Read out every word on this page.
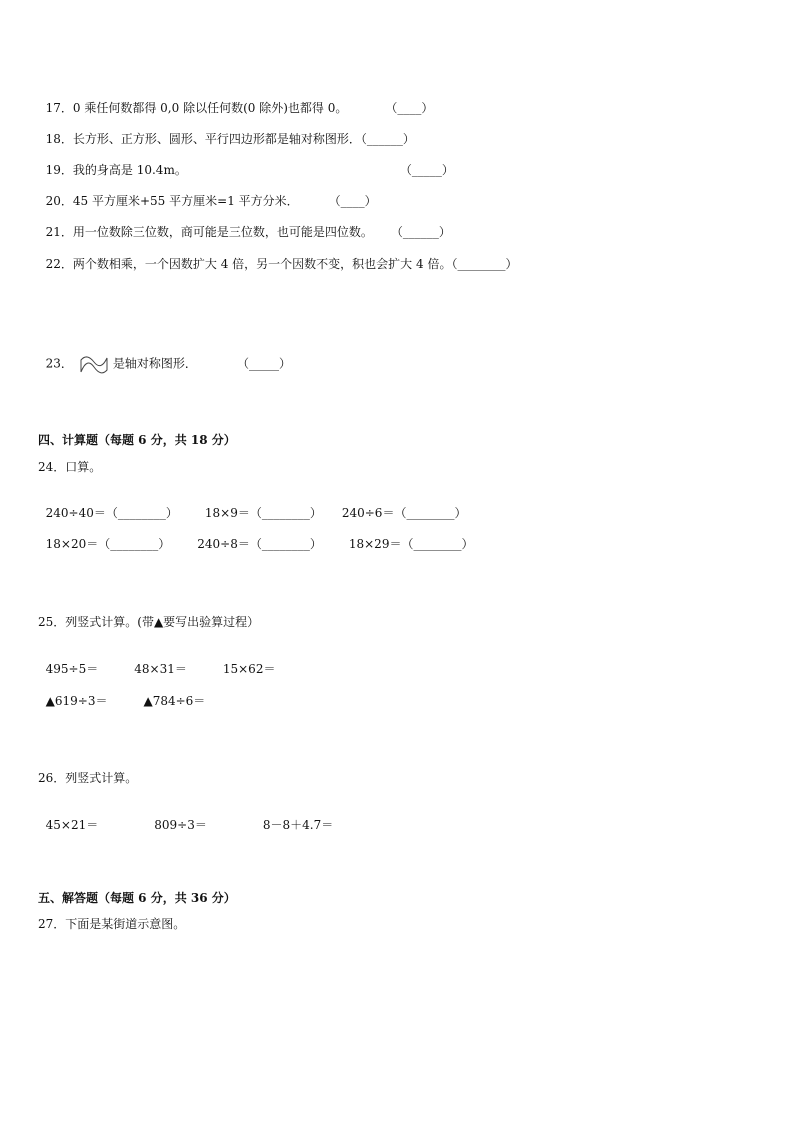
17．0 乘任何数都得 0,0 除以任何数(0 除外)也都得 0。	（____）

18．长方形、正方形、圆形、平行四边形都是轴对称图形．（______）

19．我的身高是 10.4m。	（_____）

20．45 平方厘米+55 平方厘米=1 平方分米．	（____）

21．用一位数除三位数，商可能是三位数，也可能是四位数。 （______）

22．两个数相乘，一个因数扩大 4 倍，另一个因数不变，积也会扩大 4 倍。（________）

23．	是轴对称图形．	（_____）

四、计算题（每题 6 分，共 18 分）
24．口算。

240÷40＝（________） 18×9＝（________） 240÷6＝（________）

18×20＝（________） 240÷8＝（________） 18×29＝（________）

25．列竖式计算。(带▲要写出验算过程）

495÷5＝	48×31＝	15×62＝

▲619÷3＝	▲784÷6＝

26．列竖式计算。

45×21＝	809÷3＝	8－8＋4.7＝

五、解答题（每题 6 分，共 36 分）
27．下面是某街道示意图。
